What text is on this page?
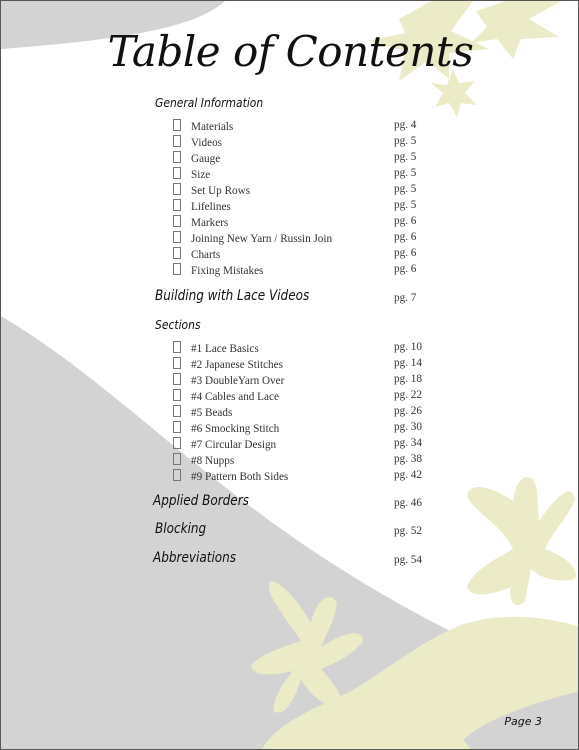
Table of Contents
General Information
Materials	pg. 4
Videos	pg. 5
Gauge	pg. 5
Size	pg. 5
Set Up Rows	pg. 5
Lifelines	pg. 5
Markers	pg. 6
Joining New Yarn / Russin Join	pg. 6
Charts	pg. 6
Fixing Mistakes	pg. 6
Building with Lace Videos	pg. 7
Sections
#1 Lace Basics	pg. 10
#2 Japanese Stitches	pg. 14
#3 DoubleYarn Over	pg. 18
#4 Cables and Lace	pg. 22
#5 Beads	pg. 26
#6 Smocking Stitch	pg. 30
#7 Circular Design	pg. 34
#8 Nupps	pg. 38
#9 Pattern Both Sides	pg. 42
Applied Borders	pg. 46
Blocking	pg. 52
Abbreviations	pg. 54
Page 3
